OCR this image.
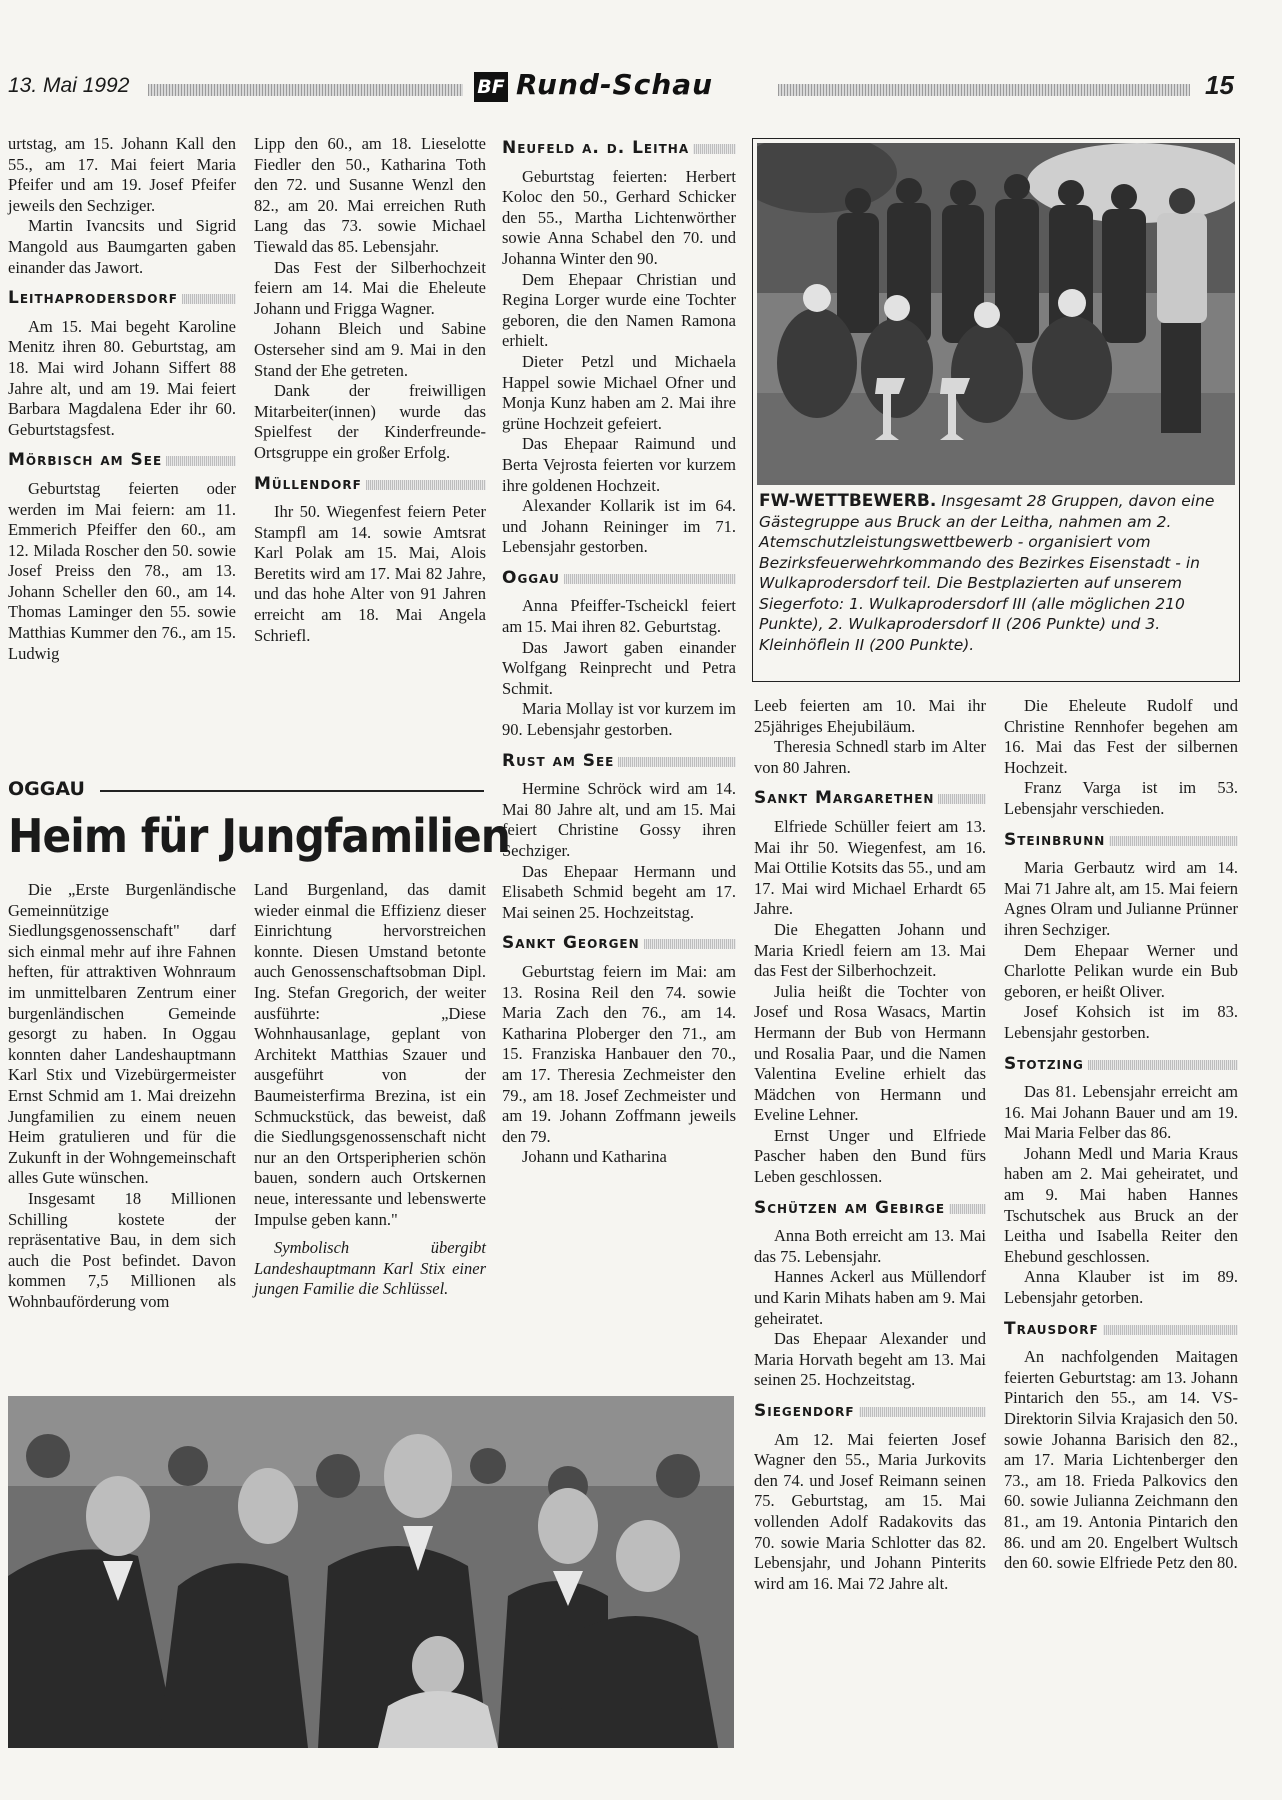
13. Mai 1992	BF Rund-Schau	15

urtstag, am 15. Johann Kall den 55., am 17. Mai feiert Maria Pfeifer und am 19. Josef Pfeifer jeweils den Sechziger.

Martin Ivancsits und Sigrid Mangold aus Baumgarten gaben einander das Jawort.

Leithaprodersdorf

Am 15. Mai begeht Karoline Menitz ihren 80. Geburtstag, am 18. Mai wird Johann Siffert 88 Jahre alt, und am 19. Mai feiert Barbara Magdalena Eder ihr 60. Geburtstagsfest.

Mörbisch am See

Geburtstag feierten oder werden im Mai feiern: am 11. Emmerich Pfeiffer den 60., am 12. Milada Roscher den 50. sowie Josef Preiss den 78., am 13. Johann Scheller den 60., am 14. Thomas Laminger den 55. sowie Matthias Kummer den 76., am 15. Ludwig

Lipp den 60., am 18. Lieselotte Fiedler den 50., Katharina Toth den 72. und Susanne Wenzl den 82., am 20. Mai erreichen Ruth Lang das 73. sowie Michael Tiewald das 85. Lebensjahr.

Das Fest der Silberhochzeit feiern am 14. Mai die Eheleute Johann und Frigga Wagner.

Johann Bleich und Sabine Osterseher sind am 9. Mai in den Stand der Ehe getreten.

Dank der freiwilligen Mitarbeiter(innen) wurde das Spielfest der Kinderfreunde-Ortsgruppe ein großer Erfolg.

Müllendorf

Ihr 50. Wiegenfest feiern Peter Stampfl am 14. sowie Amtsrat Karl Polak am 15. Mai, Alois Beretits wird am 17. Mai 82 Jahre, und das hohe Alter von 91 Jahren erreicht am 18. Mai Angela Schriefl.

Neufeld a. d. Leitha

Geburtstag feierten: Herbert Koloc den 50., Gerhard Schicker den 55., Martha Lichtenwörther sowie Anna Schabel den 70. und Johanna Winter den 90.

Dem Ehepaar Christian und Regina Lorger wurde eine Tochter geboren, die den Namen Ramona erhielt.

Dieter Petzl und Michaela Happel sowie Michael Ofner und Monja Kunz haben am 2. Mai ihre grüne Hochzeit gefeiert.

Das Ehepaar Raimund und Berta Vejrosta feierten vor kurzem ihre goldenen Hochzeit.

Alexander Kollarik ist im 64. und Johann Reininger im 71. Lebensjahr gestorben.

Oggau

Anna Pfeiffer-Tscheickl feiert am 15. Mai ihren 82. Geburtstag.

Das Jawort gaben einander Wolfgang Reinprecht und Petra Schmit.

Maria Mollay ist vor kurzem im 90. Lebensjahr gestorben.

Rust am See

Hermine Schröck wird am 14. Mai 80 Jahre alt, und am 15. Mai feiert Christine Gossy ihren Sechziger.

Das Ehepaar Hermann und Elisabeth Schmid begeht am 17. Mai seinen 25. Hochzeitstag.

Sankt Georgen

Geburtstag feiern im Mai: am 13. Rosina Reil den 74. sowie Maria Zach den 76., am 14. Katharina Ploberger den 71., am 15. Franziska Hanbauer den 70., am 17. Theresia Zechmeister den 79., am 18. Josef Zechmeister und am 19. Johann Zoffmann jeweils den 79.

Johann und Katharina

FW-WETTBEWERB. Insgesamt 28 Gruppen, davon eine Gästegruppe aus Bruck an der Leitha, nahmen am 2. Atemschutzleistungswettbewerb - organisiert vom Bezirksfeuerwehrkommando des Bezirkes Eisenstadt - in Wulkaprodersdorf teil. Die Bestplazierten auf unserem Siegerfoto: 1. Wulkaprodersdorf III (alle möglichen 210 Punkte), 2. Wulkaprodersdorf II (206 Punkte) und 3. Kleinhöflein II (200 Punkte).

Leeb feierten am 10. Mai ihr 25jähriges Ehejubiläum.

Theresia Schnedl starb im Alter von 80 Jahren.

Sankt Margarethen

Elfriede Schüller feiert am 13. Mai ihr 50. Wiegenfest, am 16. Mai Ottilie Kotsits das 55., und am 17. Mai wird Michael Erhardt 65 Jahre.

Die Ehegatten Johann und Maria Kriedl feiern am 13. Mai das Fest der Silberhochzeit.

Julia heißt die Tochter von Josef und Rosa Wasacs, Martin Hermann der Bub von Hermann und Rosalia Paar, und die Namen Valentina Eveline erhielt das Mädchen von Hermann und Eveline Lehner.

Ernst Unger und Elfriede Pascher haben den Bund fürs Leben geschlossen.

Schützen am Gebirge

Anna Both erreicht am 13. Mai das 75. Lebensjahr.

Hannes Ackerl aus Müllendorf und Karin Mihats haben am 9. Mai geheiratet.

Das Ehepaar Alexander und Maria Horvath begeht am 13. Mai seinen 25. Hochzeitstag.

Siegendorf

Am 12. Mai feierten Josef Wagner den 55., Maria Jurkovits den 74. und Josef Reimann seinen 75. Geburtstag, am 15. Mai vollenden Adolf Radakovits das 70. sowie Maria Schlotter das 82. Lebensjahr, und Johann Pinterits wird am 16. Mai 72 Jahre alt.

Die Eheleute Rudolf und Christine Rennhofer begehen am 16. Mai das Fest der silbernen Hochzeit.

Franz Varga ist im 53. Lebensjahr verschieden.

Steinbrunn

Maria Gerbautz wird am 14. Mai 71 Jahre alt, am 15. Mai feiern Agnes Olram und Julianne Prünner ihren Sechziger.

Dem Ehepaar Werner und Charlotte Pelikan wurde ein Bub geboren, er heißt Oliver.

Josef Kohsich ist im 83. Lebensjahr gestorben.

Stotzing

Das 81. Lebensjahr erreicht am 16. Mai Johann Bauer und am 19. Mai Maria Felber das 86.

Johann Medl und Maria Kraus haben am 2. Mai geheiratet, und am 9. Mai haben Hannes Tschutschek aus Bruck an der Leitha und Isabella Reiter den Ehebund geschlossen.

Anna Klauber ist im 89. Lebensjahr getorben.

Trausdorf

An nachfolgenden Maitagen feierten Geburtstag: am 13. Johann Pintarich den 55., am 14. VS-Direktorin Silvia Krajasich den 50. sowie Johanna Barisich den 82., am 17. Maria Lichtenberger den 73., am 18. Frieda Palkovics den 60. sowie Julianna Zeichmann den 81., am 19. Antonia Pintarich den 86. und am 20. Engelbert Wultsch den 60. sowie Elfriede Petz den 80.

OGGAU
Heim für Jungfamilien

Die „Erste Burgenländische Gemeinnützige Siedlungsgenossenschaft" darf sich einmal mehr auf ihre Fahnen heften, für attraktiven Wohnraum im unmittelbaren Zentrum einer burgenländischen Gemeinde gesorgt zu haben. In Oggau konnten daher Landeshauptmann Karl Stix und Vizebürgermeister Ernst Schmid am 1. Mai dreizehn Jungfamilien zu einem neuen Heim gratulieren und für die Zukunft in der Wohngemeinschaft alles Gute wünschen.

Insgesamt 18 Millionen Schilling kostete der repräsentative Bau, in dem sich auch die Post befindet. Davon kommen 7,5 Millionen als Wohnbauförderung vom

Land Burgenland, das damit wieder einmal die Effizienz dieser Einrichtung hervorstreichen konnte. Diesen Umstand betonte auch Genossenschaftsobman Dipl. Ing. Stefan Gregorich, der weiter ausführte: „Diese Wohnhausanlage, geplant von Architekt Matthias Szauer und ausgeführt von der Baumeisterfirma Brezina, ist ein Schmuckstück, das beweist, daß die Siedlungsgenossenschaft nicht nur an den Ortsperipherien schön bauen, sondern auch Ortskernen neue, interessante und lebenswerte Impulse geben kann."

Symbolisch übergibt Landeshauptmann Karl Stix einer jungen Familie die Schlüssel.
